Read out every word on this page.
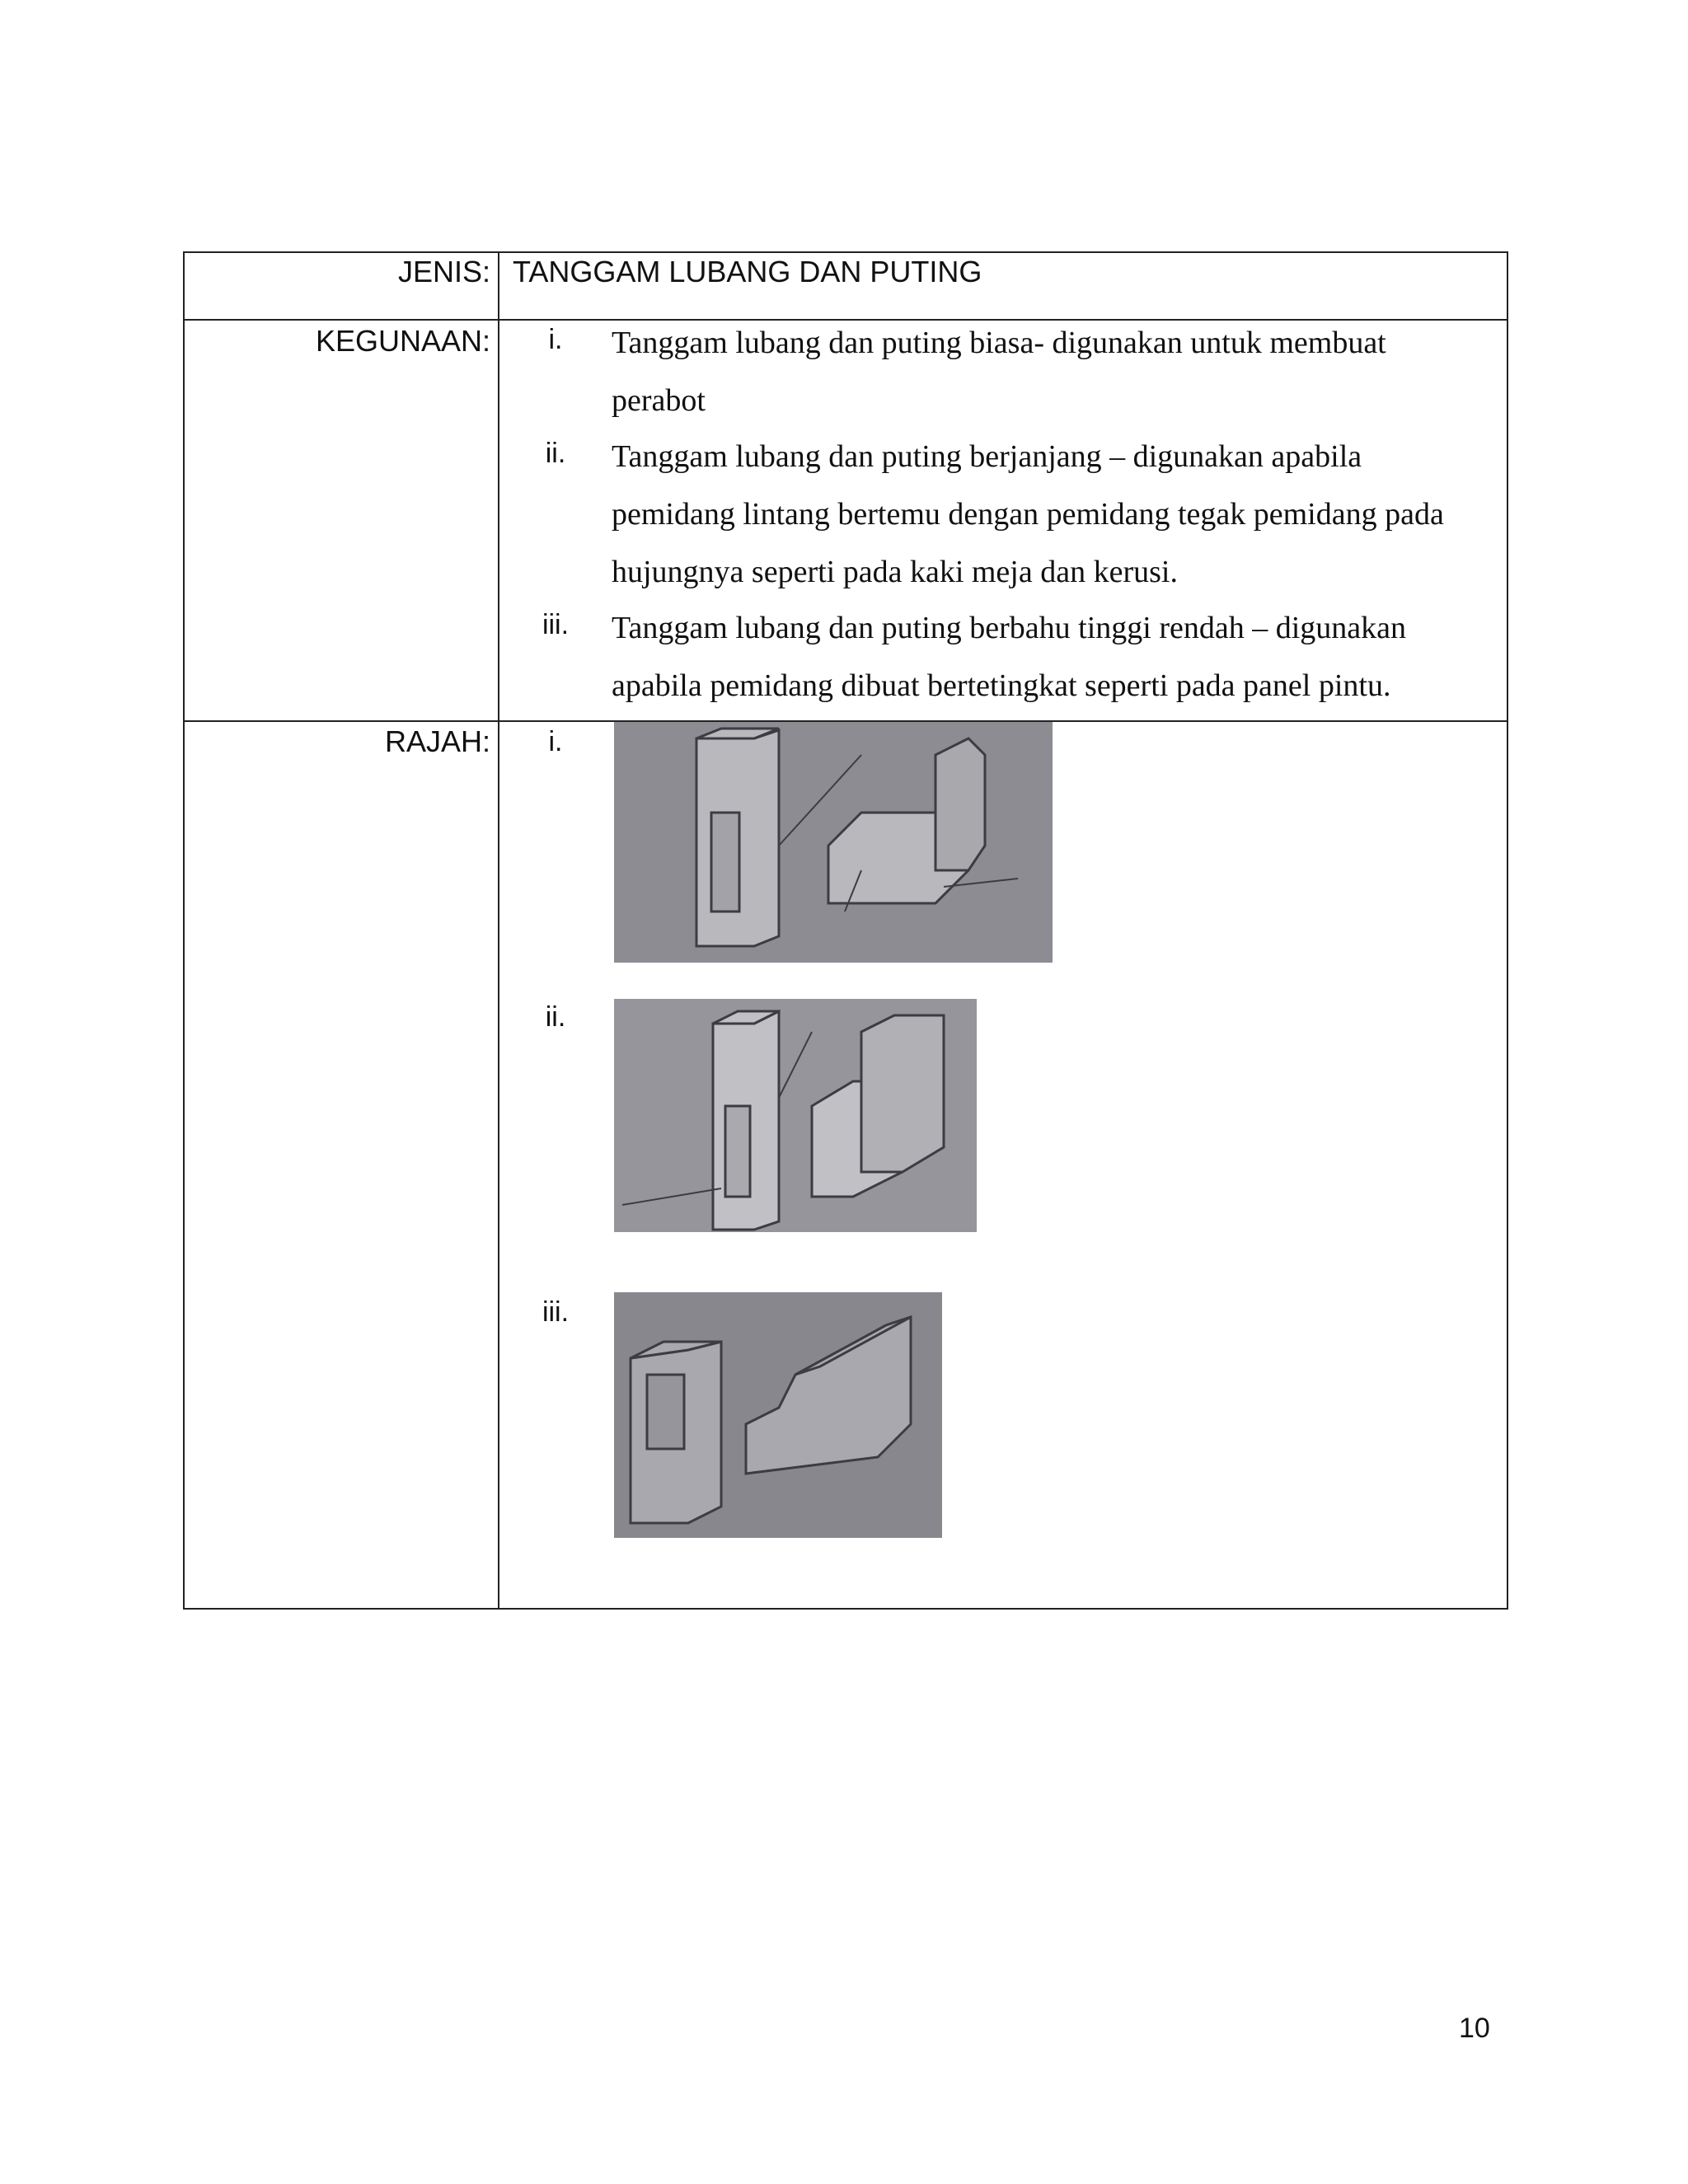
JENIS: TANGGAM LUBANG DAN PUTING
KEGUNAAN:	i.	Tanggam lubang dan puting biasa- digunakan untuk membuat perabot
ii.	Tanggam lubang dan puting berjanjang – digunakan apabila pemidang lintang bertemu dengan pemidang tegak pemidang pada hujungnya seperti pada kaki meja dan kerusi.
iii.	Tanggam lubang dan puting berbahu tinggi rendah – digunakan apabila pemidang dibuat bertetingkat seperti pada panel pintu.
RAJAH:	i.
ii.
iii.
10
